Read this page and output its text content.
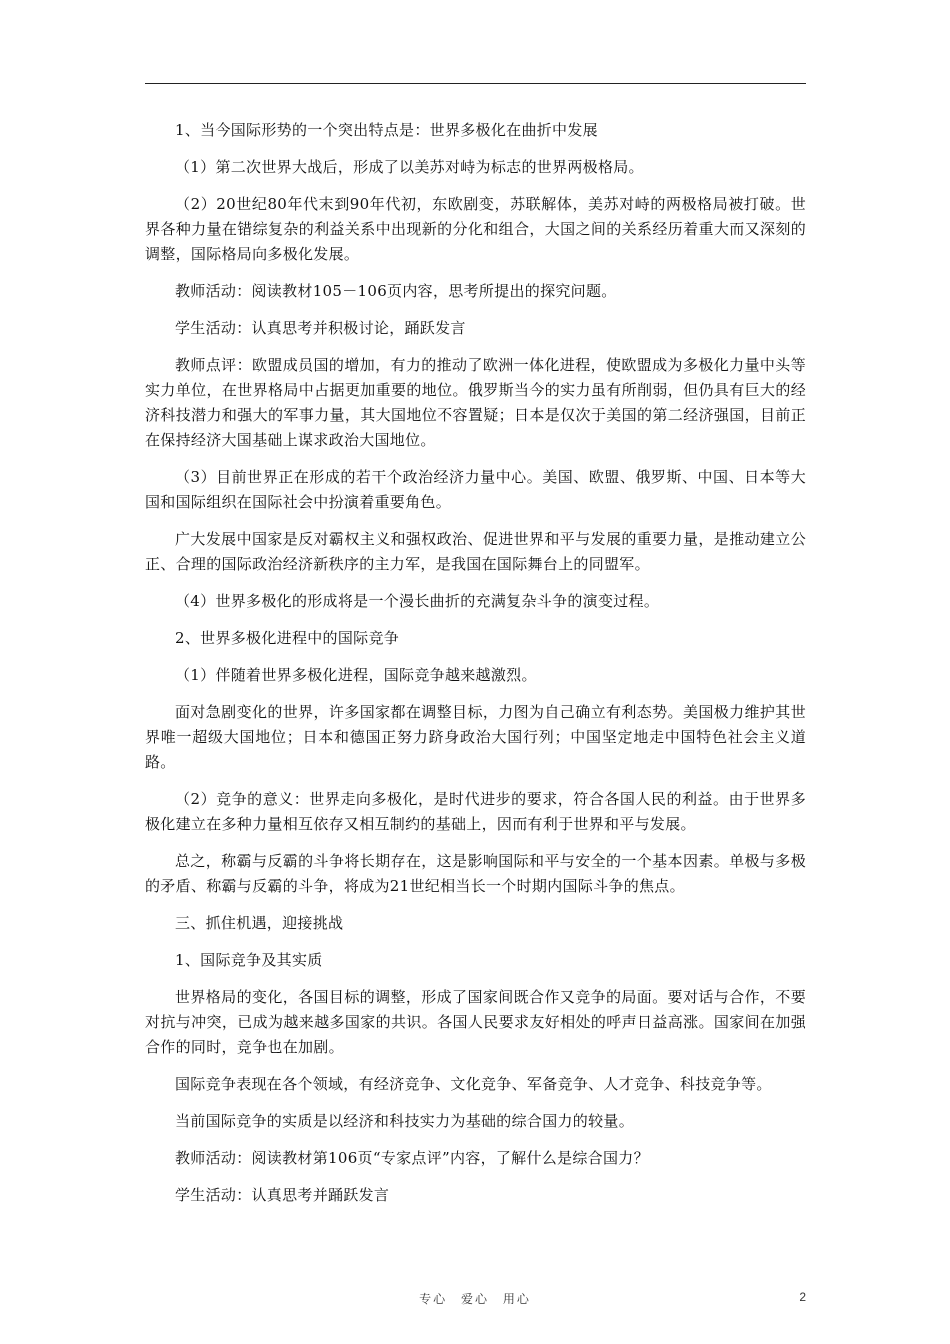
1、当今国际形势的一个突出特点是：世界多极化在曲折中发展

（1）第二次世界大战后，形成了以美苏对峙为标志的世界两极格局。

（2）20世纪80年代末到90年代初，东欧剧变，苏联解体，美苏对峙的两极格局被打破。世界各种力量在错综复杂的利益关系中出现新的分化和组合，大国之间的关系经历着重大而又深刻的调整，国际格局向多极化发展。

教师活动：阅读教材105－106页内容，思考所提出的探究问题。

学生活动：认真思考并积极讨论，踊跃发言

教师点评：欧盟成员国的增加，有力的推动了欧洲一体化进程，使欧盟成为多极化力量中头等实力单位，在世界格局中占据更加重要的地位。俄罗斯当今的实力虽有所削弱，但仍具有巨大的经济科技潜力和强大的军事力量，其大国地位不容置疑；日本是仅次于美国的第二经济强国，目前正在保持经济大国基础上谋求政治大国地位。

（3）目前世界正在形成的若干个政治经济力量中心。美国、欧盟、俄罗斯、中国、日本等大国和国际组织在国际社会中扮演着重要角色。

广大发展中国家是反对霸权主义和强权政治、促进世界和平与发展的重要力量，是推动建立公正、合理的国际政治经济新秩序的主力军，是我国在国际舞台上的同盟军。

（4）世界多极化的形成将是一个漫长曲折的充满复杂斗争的演变过程。

2、世界多极化进程中的国际竞争

（1）伴随着世界多极化进程，国际竞争越来越激烈。

面对急剧变化的世界，许多国家都在调整目标，力图为自己确立有利态势。美国极力维护其世界唯一超级大国地位；日本和德国正努力跻身政治大国行列；中国坚定地走中国特色社会主义道路。

（2）竞争的意义：世界走向多极化，是时代进步的要求，符合各国人民的利益。由于世界多极化建立在多种力量相互依存又相互制约的基础上，因而有利于世界和平与发展。

总之，称霸与反霸的斗争将长期存在，这是影响国际和平与安全的一个基本因素。单极与多极的矛盾、称霸与反霸的斗争，将成为21世纪相当长一个时期内国际斗争的焦点。

三、抓住机遇，迎接挑战

1、国际竞争及其实质

世界格局的变化，各国目标的调整，形成了国家间既合作又竞争的局面。要对话与合作，不要对抗与冲突，已成为越来越多国家的共识。各国人民要求友好相处的呼声日益高涨。国家间在加强合作的同时，竞争也在加剧。

国际竞争表现在各个领域，有经济竞争、文化竞争、军备竞争、人才竞争、科技竞争等。

当前国际竞争的实质是以经济和科技实力为基础的综合国力的较量。

教师活动：阅读教材第106页“专家点评”内容，了解什么是综合国力？

学生活动：认真思考并踊跃发言

专心 爱心 用心	2
